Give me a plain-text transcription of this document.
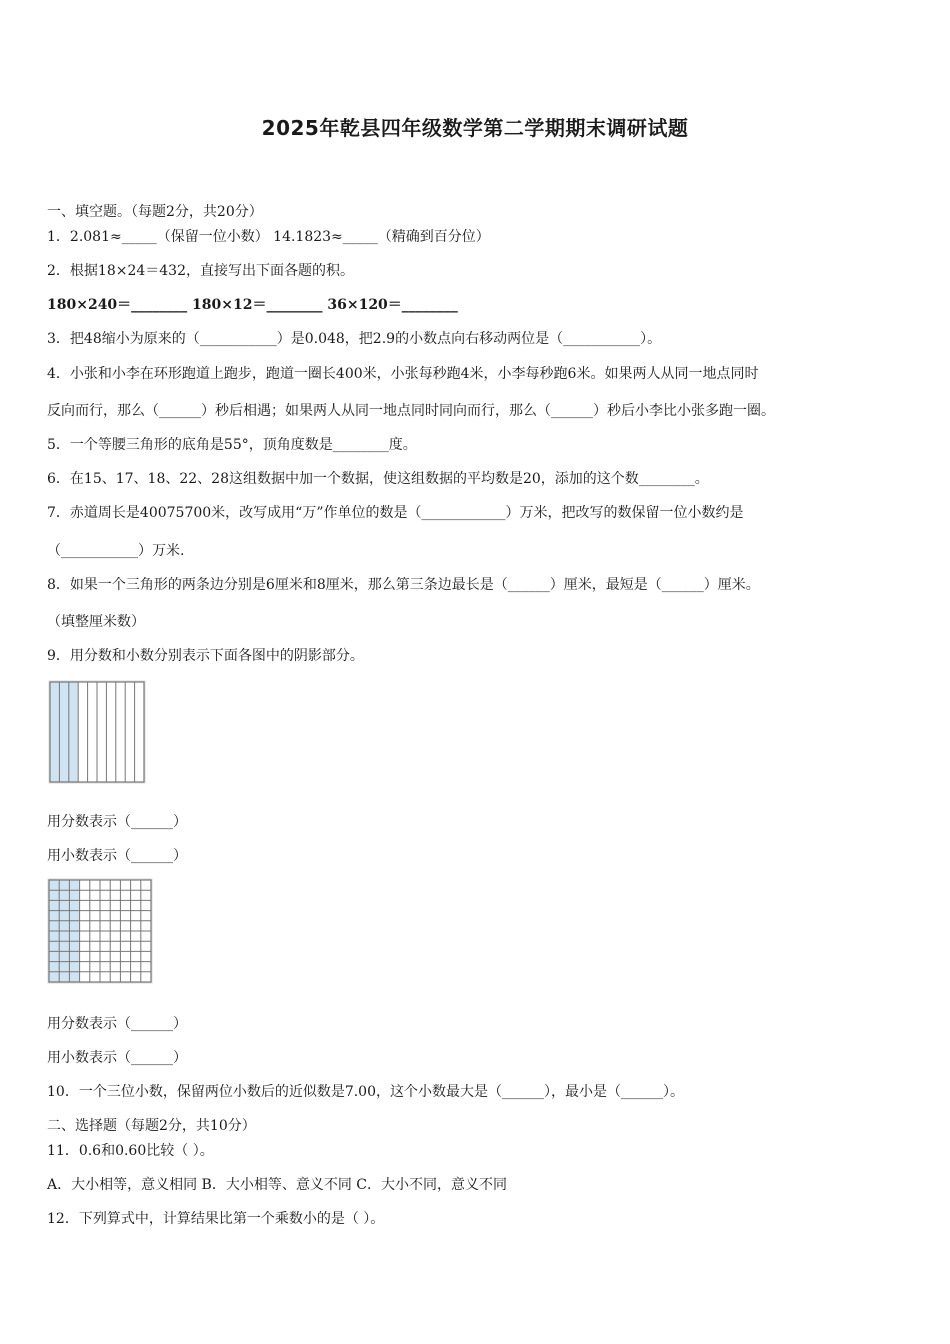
2025年乾县四年级数学第二学期期末调研试题
一、填空题。（每题2分，共20分）
1．2.081≈_____（保留一位小数） 14.1823≈_____（精确到百分位）
2．根据18×24＝432，直接写出下面各题的积。
180×240＝________ 180×12＝________ 36×120＝________
3．把48缩小为原来的（___________）是0.048，把2.9的小数点向右移动两位是（___________）。
4．小张和小李在环形跑道上跑步，跑道一圈长400米，小张每秒跑4米，小李每秒跑6米。如果两人从同一地点同时
反向而行，那么（______）秒后相遇；如果两人从同一地点同时同向而行，那么（______）秒后小李比小张多跑一圈。
5．一个等腰三角形的底角是55°，顶角度数是________度。
6．在15、17、18、22、28这组数据中加一个数据，使这组数据的平均数是20，添加的这个数________。
7．赤道周长是40075700米，改写成用“万”作单位的数是（____________）万米，把改写的数保留一位小数约是
（___________）万米.
8．如果一个三角形的两条边分别是6厘米和8厘米，那么第三条边最长是（______）厘米，最短是（______）厘米。
（填整厘米数）
9．用分数和小数分别表示下面各图中的阴影部分。
用分数表示（______）
用小数表示（______）
用分数表示（______）
用小数表示（______）
10．一个三位小数，保留两位小数后的近似数是7.00，这个小数最大是（______），最小是（______）。
二、选择题（每题2分，共10分）
11．0.6和0.60比较（ ）。
A．大小相等，意义相同 B．大小相等、意义不同 C．大小不同，意义不同
12．下列算式中，计算结果比第一个乘数小的是（ ）。
